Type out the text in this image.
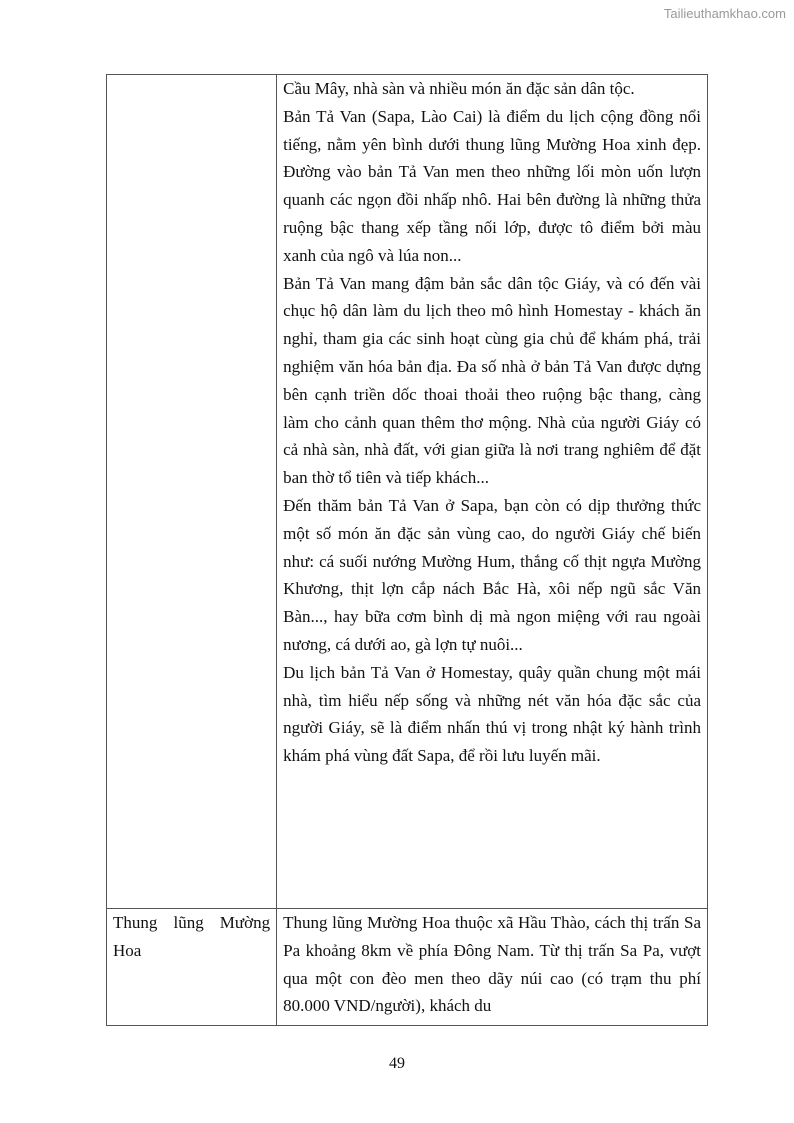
Tailieuthamkhao.com

	Cầu Mây, nhà sàn và nhiều món ăn đặc sản dân tộc.

Bản Tả Van (Sapa, Lào Cai) là điểm du lịch cộng đồng nổi tiếng, nằm yên bình dưới thung lũng Mường Hoa xinh đẹp. Đường vào bản Tả Van men theo những lối mòn uốn lượn quanh các ngọn đồi nhấp nhô. Hai bên đường là những thửa ruộng bậc thang xếp tầng nối lớp, được tô điểm bởi màu xanh của ngô và lúa non...

Bản Tả Van mang đậm bản sắc dân tộc Giáy, và có đến vài chục hộ dân làm du lịch theo mô hình Homestay - khách ăn nghỉ, tham gia các sinh hoạt cùng gia chủ để khám phá, trải nghiệm văn hóa bản địa. Đa số nhà ở bản Tả Van được dựng bên cạnh triền dốc thoai thoải theo ruộng bậc thang, càng làm cho cảnh quan thêm thơ mộng. Nhà của người Giáy có cả nhà sàn, nhà đất, với gian giữa là nơi trang nghiêm để đặt ban thờ tổ tiên và tiếp khách...

Đến thăm bản Tả Van ở Sapa, bạn còn có dịp thưởng thức một số món ăn đặc sản vùng cao, do người Giáy chế biến như: cá suối nướng Mường Hum, thắng cố thịt ngựa Mường Khương, thịt lợn cắp nách Bắc Hà, xôi nếp ngũ sắc Văn Bàn..., hay bữa cơm bình dị mà ngon miệng với rau ngoài nương, cá dưới ao, gà lợn tự nuôi...

Du lịch bản Tả Van ở Homestay, quây quần chung một mái nhà, tìm hiểu nếp sống và những nét văn hóa đặc sắc của người Giáy, sẽ là điểm nhấn thú vị trong nhật ký hành trình khám phá vùng đất Sapa, để rồi lưu luyến mãi.

Thung lũng Mường Hoa	Thung lũng Mường Hoa thuộc xã Hầu Thào, cách thị trấn Sa Pa khoảng 8km về phía Đông Nam. Từ thị trấn Sa Pa, vượt qua một con đèo men theo dãy núi cao (có trạm thu phí 80.000 VND/người), khách du

49
